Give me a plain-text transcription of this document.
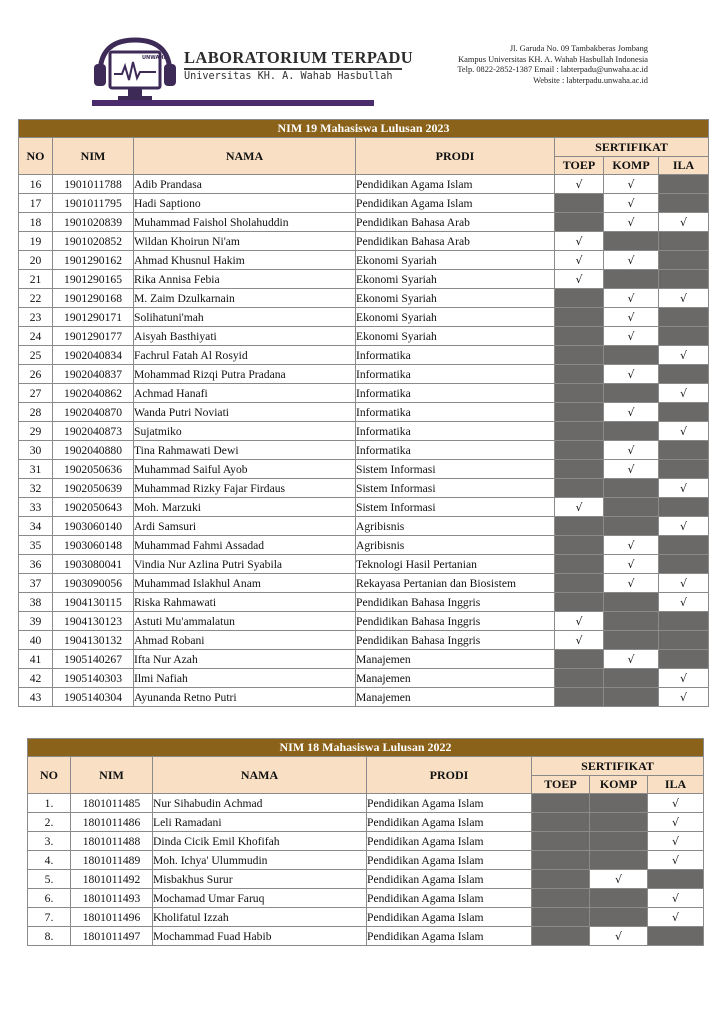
UNWAHA LABORATORIUM TERPADU
Universitas KH. A. Wahab Hasbullah
Jl. Garuda No. 09 Tambakberas Jombang
Kampus Universitas KH. A. Wahab Hasbullah Indonesia
Telp. 0822-2852-1387 Email : labterpadu@unwaha.ac.id
Website : labterpadu.unwaha.ac.id
NIM 19 Mahasiswa Lulusan 2023						
NO	NIM	NAMA	PRODI	SERTIFIKAT		
				TOEP	KOMP	ILA
16	1901011788	Adib Prandasa	Pendidikan Agama Islam	√	√	
17	1901011795	Hadi Saptiono	Pendidikan Agama Islam		√	
18	1901020839	Muhammad Faishol Sholahuddin	Pendidikan Bahasa Arab		√	√
19	1901020852	Wildan Khoirun Ni'am	Pendidikan Bahasa Arab	√		
20	1901290162	Ahmad Khusnul Hakim	Ekonomi Syariah	√	√	
21	1901290165	Rika Annisa Febia	Ekonomi Syariah	√		
22	1901290168	M. Zaim Dzulkarnain	Ekonomi Syariah		√	√
23	1901290171	Solihatuni'mah	Ekonomi Syariah		√	
24	1901290177	Aisyah Basthiyati	Ekonomi Syariah		√	
25	1902040834	Fachrul Fatah Al Rosyid	Informatika			√
26	1902040837	Mohammad Rizqi Putra Pradana	Informatika		√	
27	1902040862	Achmad Hanafi	Informatika			√
28	1902040870	Wanda Putri Noviati	Informatika		√	
29	1902040873	Sujatmiko	Informatika			√
30	1902040880	Tina Rahmawati Dewi	Informatika		√	
31	1902050636	Muhammad Saiful Ayob	Sistem Informasi		√	
32	1902050639	Muhammad Rizky Fajar Firdaus	Sistem Informasi			√
33	1902050643	Moh. Marzuki	Sistem Informasi	√		
34	1903060140	Ardi Samsuri	Agribisnis			√
35	1903060148	Muhammad Fahmi Assadad	Agribisnis		√	
36	1903080041	Vindia Nur Azlina Putri Syabila	Teknologi Hasil Pertanian		√	
37	1903090056	Muhammad Islakhul Anam	Rekayasa Pertanian dan Biosistem		√	√
38	1904130115	Riska Rahmawati	Pendidikan Bahasa Inggris			√
39	1904130123	Astuti Mu'ammalatun	Pendidikan Bahasa Inggris	√		
40	1904130132	Ahmad Robani	Pendidikan Bahasa Inggris	√		
41	1905140267	Ifta Nur Azah	Manajemen		√	
42	1905140303	Ilmi Nafiah	Manajemen			√
43	1905140304	Ayunanda Retno Putri	Manajemen			√
NIM 18 Mahasiswa Lulusan 2022						
NO	NIM	NAMA	PRODI	SERTIFIKAT		
				TOEP	KOMP	ILA
1.	1801011485	Nur Sihabudin Achmad	Pendidikan Agama Islam			√
2.	1801011486	Leli Ramadani	Pendidikan Agama Islam			√
3.	1801011488	Dinda Cicik Emil Khofifah	Pendidikan Agama Islam			√
4.	1801011489	Moh. Ichya' Ulummudin	Pendidikan Agama Islam			√
5.	1801011492	Misbakhus Surur	Pendidikan Agama Islam		√	
6.	1801011493	Mochamad Umar Faruq	Pendidikan Agama Islam			√
7.	1801011496	Kholifatul Izzah	Pendidikan Agama Islam			√
8.	1801011497	Mochammad Fuad Habib	Pendidikan Agama Islam		√	
